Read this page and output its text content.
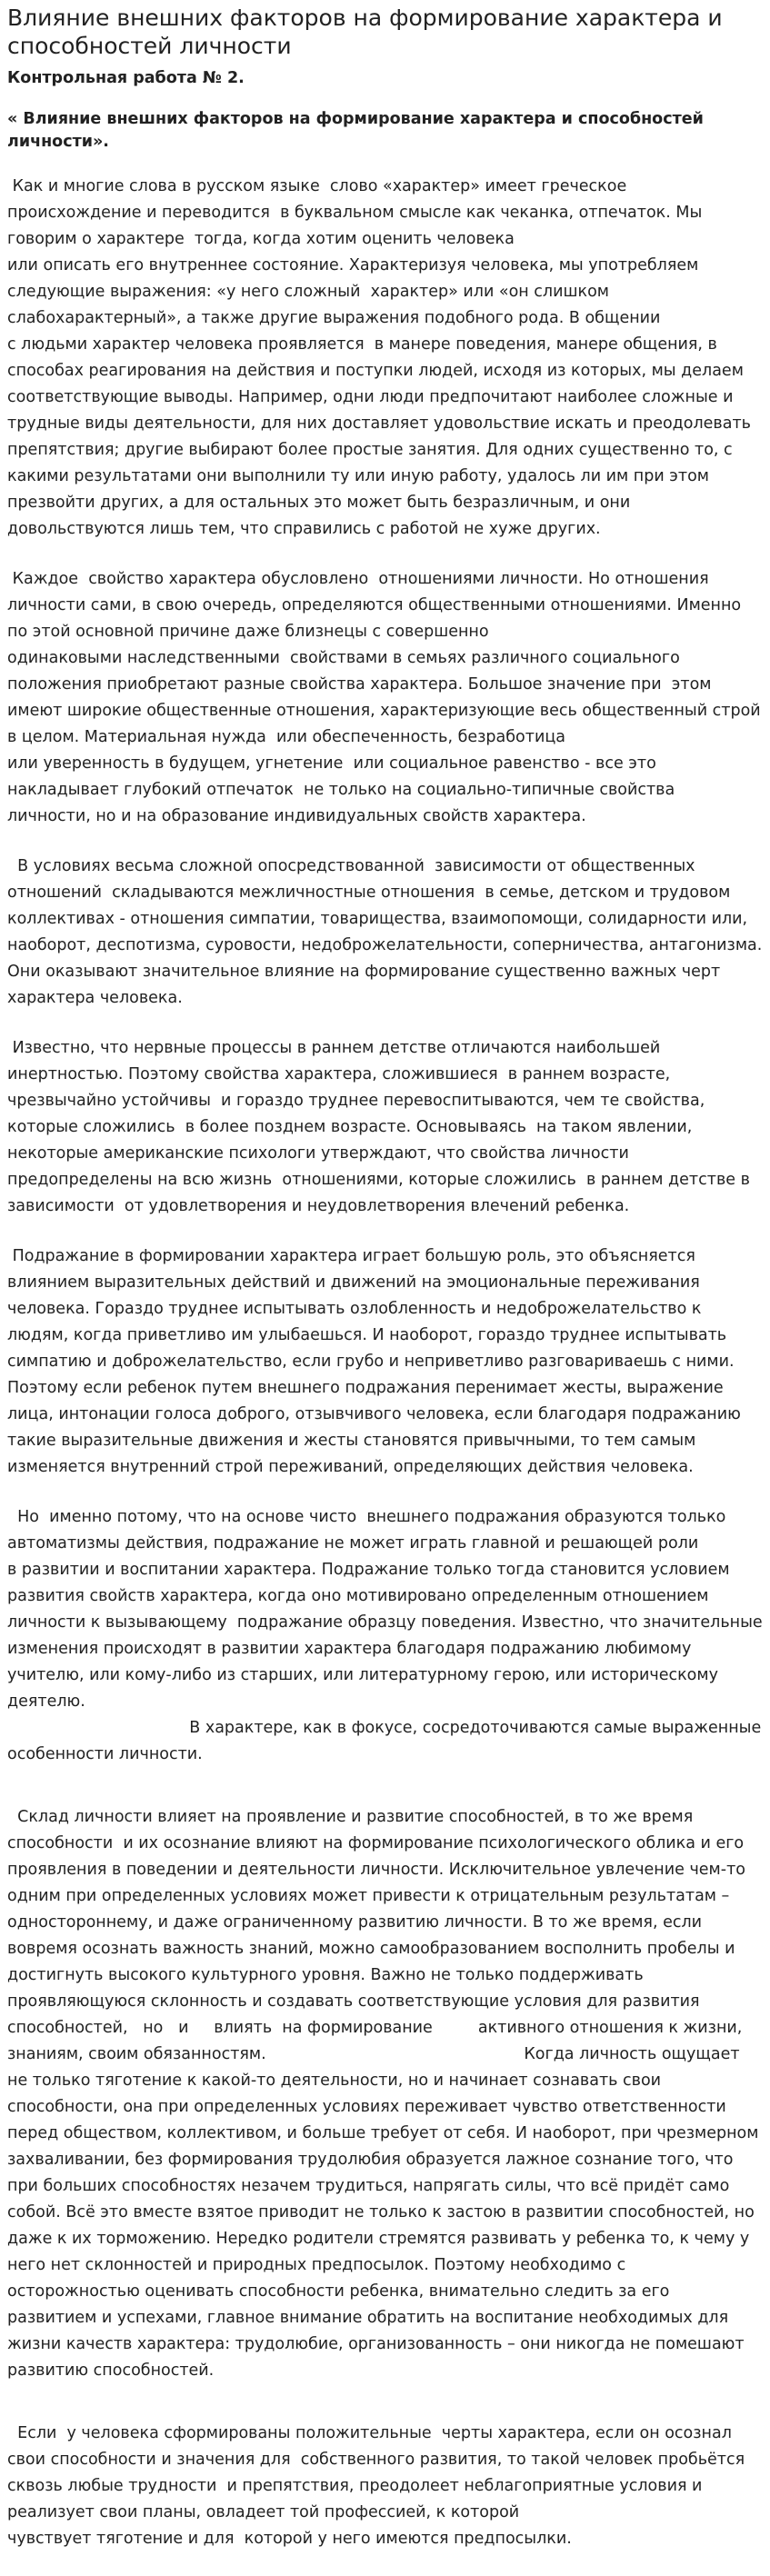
Влияние внешних факторов на формирование характера и способностей личности
Контрольная работа № 2.
« Влияние внешних факторов на формирование характера и способностей личности».

Как и многие слова в русском языке  слово «характер» имеет греческое происхождение и переводится  в буквальном смысле как чеканка, отпечаток. Мы говорим о характере  тогда, когда хотим оценить человека
или описать его внутреннее состояние. Характеризуя человека, мы употребляем следующие выражения: «у него сложный  характер» или «он слишком слабохарактерный», а также другие выражения подобного рода. В общении
с людьми характер человека проявляется  в манере поведения, манере общения, в способах реагирования на действия и поступки людей, исходя из которых, мы делаем соответствующие выводы. Например, одни люди предпочитают наиболее сложные и трудные виды деятельности, для них доставляет удовольствие искать и преодолевать препятствия; другие выбирают более простые занятия. Для одних существенно то, с какими результатами они выполнили ту или иную работу, удалось ли им при этом презвойти других, а для остальных это может быть безразличным, и они довольствуются лишь тем, что справились с работой не хуже других.

Каждое  свойство характера обусловлено  отношениями личности. Но отношения личности сами, в свою очередь, определяются общественными отношениями. Именно по этой основной причине даже близнецы с совершенно
одинаковыми наследственными  свойствами в семьях различного социального положения приобретают разные свойства характера. Большое значение при  этом имеют широкие общественные отношения, характеризующие весь общественный строй в целом. Материальная нужда  или обеспеченность, безработица
или уверенность в будущем, угнетение  или социальное равенство - все это накладывает глубокий отпечаток  не только на социально-типичные свойства личности, но и на образование индивидуальных свойств характера.

В условиях весьма сложной опосредствованной  зависимости от общественных отношений  складываются межличностные отношения  в семье, детском и трудовом коллективах - отношения симпатии, товарищества, взаимопомощи, солидарности или, наоборот, деспотизма, суровости, недоброжелательности, соперничества, антагонизма. Они оказывают значительное влияние на формирование существенно важных черт характера человека.

Известно, что нервные процессы в раннем детстве отличаются наибольшей инертностью. Поэтому свойства характера, сложившиеся  в раннем возрасте, чрезвычайно устойчивы  и гораздо труднее перевоспитываются, чем те свойства, которые сложились  в более позднем возрасте. Основываясь  на таком явлении, некоторые американские психологи утверждают, что свойства личности предопределены на всю жизнь  отношениями, которые сложились  в раннем детстве в зависимости  от удовлетворения и неудовлетворения влечений ребенка.

Подражание в формировании характера играет большую роль, это объясняется влиянием выразительных действий и движений на эмоциональные переживания человека. Гораздо труднее испытывать озлобленность и недоброжелательство к людям, когда приветливо им улыбаешься. И наоборот, гораздо труднее испытывать симпатию и доброжелательство, если грубо и неприветливо разговариваешь с ними. Поэтому если ребенок путем внешнего подражания перенимает жесты, выражение лица, интонации голоса доброго, отзывчивого человека, если благодаря подражанию такие выразительные движения и жесты становятся привычными, то тем самым изменяется внутренний строй переживаний, определяющих действия человека.

Но  именно потому, что на основе чисто  внешнего подражания образуются только автоматизмы действия, подражание не может играть главной и решающей роли
в развитии и воспитании характера. Подражание только тогда становится условием развития свойств характера, когда оно мотивировано определенным отношением личности к вызывающему  подражание образцу поведения. Известно, что значительные изменения происходят в развитии характера благодаря подражанию любимому учителю, или кому-либо из старших, или литературному герою, или историческому деятелю.
В характере, как в фокусе, сосредоточиваются самые выраженные особенности личности.

Склад личности влияет на проявление и развитие способностей, в то же время способности  и их осознание влияют на формирование психологического облика и его проявления в поведении и деятельности личности. Исключительное увлечение чем-то одним при определенных условиях может привести к отрицательным результатам – одностороннему, и даже ограниченному развитию личности. В то же время, если вовремя осознать важность знаний, можно самообразованием восполнить пробелы и достигнуть высокого культурного уровня. Важно не только поддерживать проявляющуюся склонность и создавать соответствующие условия для развития  способностей,   но   и     влиять  на формирование         активного отношения к жизни, знаниям, своим обязанностям.                                                   Когда личность ощущает не только тяготение к какой-то деятельности, но и начинает сознавать свои способности, она при определенных условиях переживает чувство ответственности перед обществом, коллективом, и больше требует от себя. И наоборот, при чрезмерном захваливании, без формирования трудолюбия образуется лажное сознание того, что при больших способностях незачем трудиться, напрягать силы, что всё придёт само собой. Всё это вместе взятое приводит не только к застою в развитии способностей, но даже к их торможению. Нередко родители стремятся развивать у ребенка то, к чему у него нет склонностей и природных предпосылок. Поэтому необходимо с осторожностью оценивать способности ребенка, внимательно следить за его развитием и успехами, главное внимание обратить на воспитание необходимых для жизни качеств характера: трудолюбие, организованность – они никогда не помешают развитию способностей.

Если  у человека сформированы положительные  черты характера, если он осознал свои способности и значения для  собственного развития, то такой человек пробьётся сквозь любые трудности  и препятствия, преодолеет неблагоприятные условия и реализует свои планы, овладеет той профессией, к которой
чувствует тяготение и для  которой у него имеются предпосылки.
